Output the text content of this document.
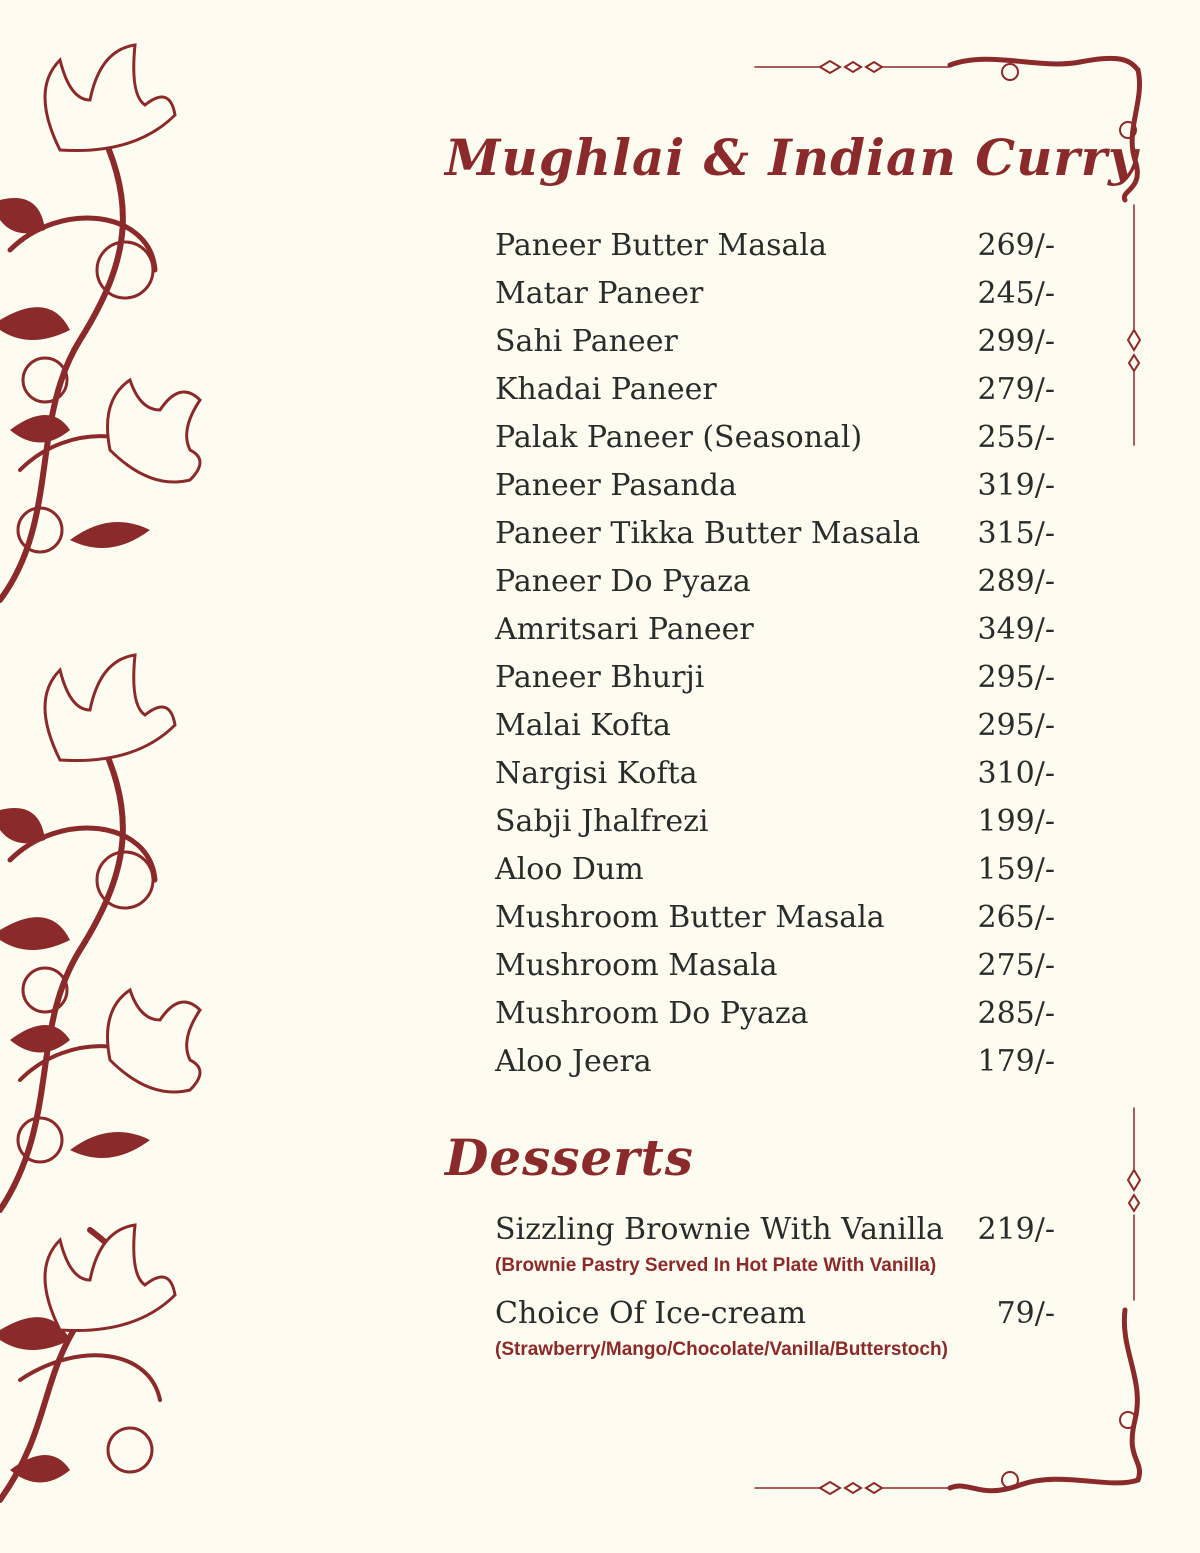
Mughlai & Indian Curry
Paneer Butter Masala	269/-
Matar Paneer	245/-
Sahi Paneer	299/-
Khadai Paneer	279/-
Palak Paneer (Seasonal)	255/-
Paneer Pasanda	319/-
Paneer Tikka Butter Masala 315/-
Paneer Do Pyaza	289/-
Amritsari Paneer	349/-
Paneer Bhurji	295/-
Malai Kofta	295/-
Nargisi Kofta	310/-
Sabji Jhalfrezi	199/-
Aloo Dum	159/-
Mushroom Butter Masala	265/-
Mushroom Masala	275/-
Mushroom Do Pyaza	285/-
Aloo Jeera	179/-
Desserts
Sizzling Brownie With Vanilla 219/-
(Brownie Pastry Served In Hot Plate With Vanilla)
Choice Of Ice-cream	79/-
(Strawberry/Mango/Chocolate/Vanilla/Butterstoch)
